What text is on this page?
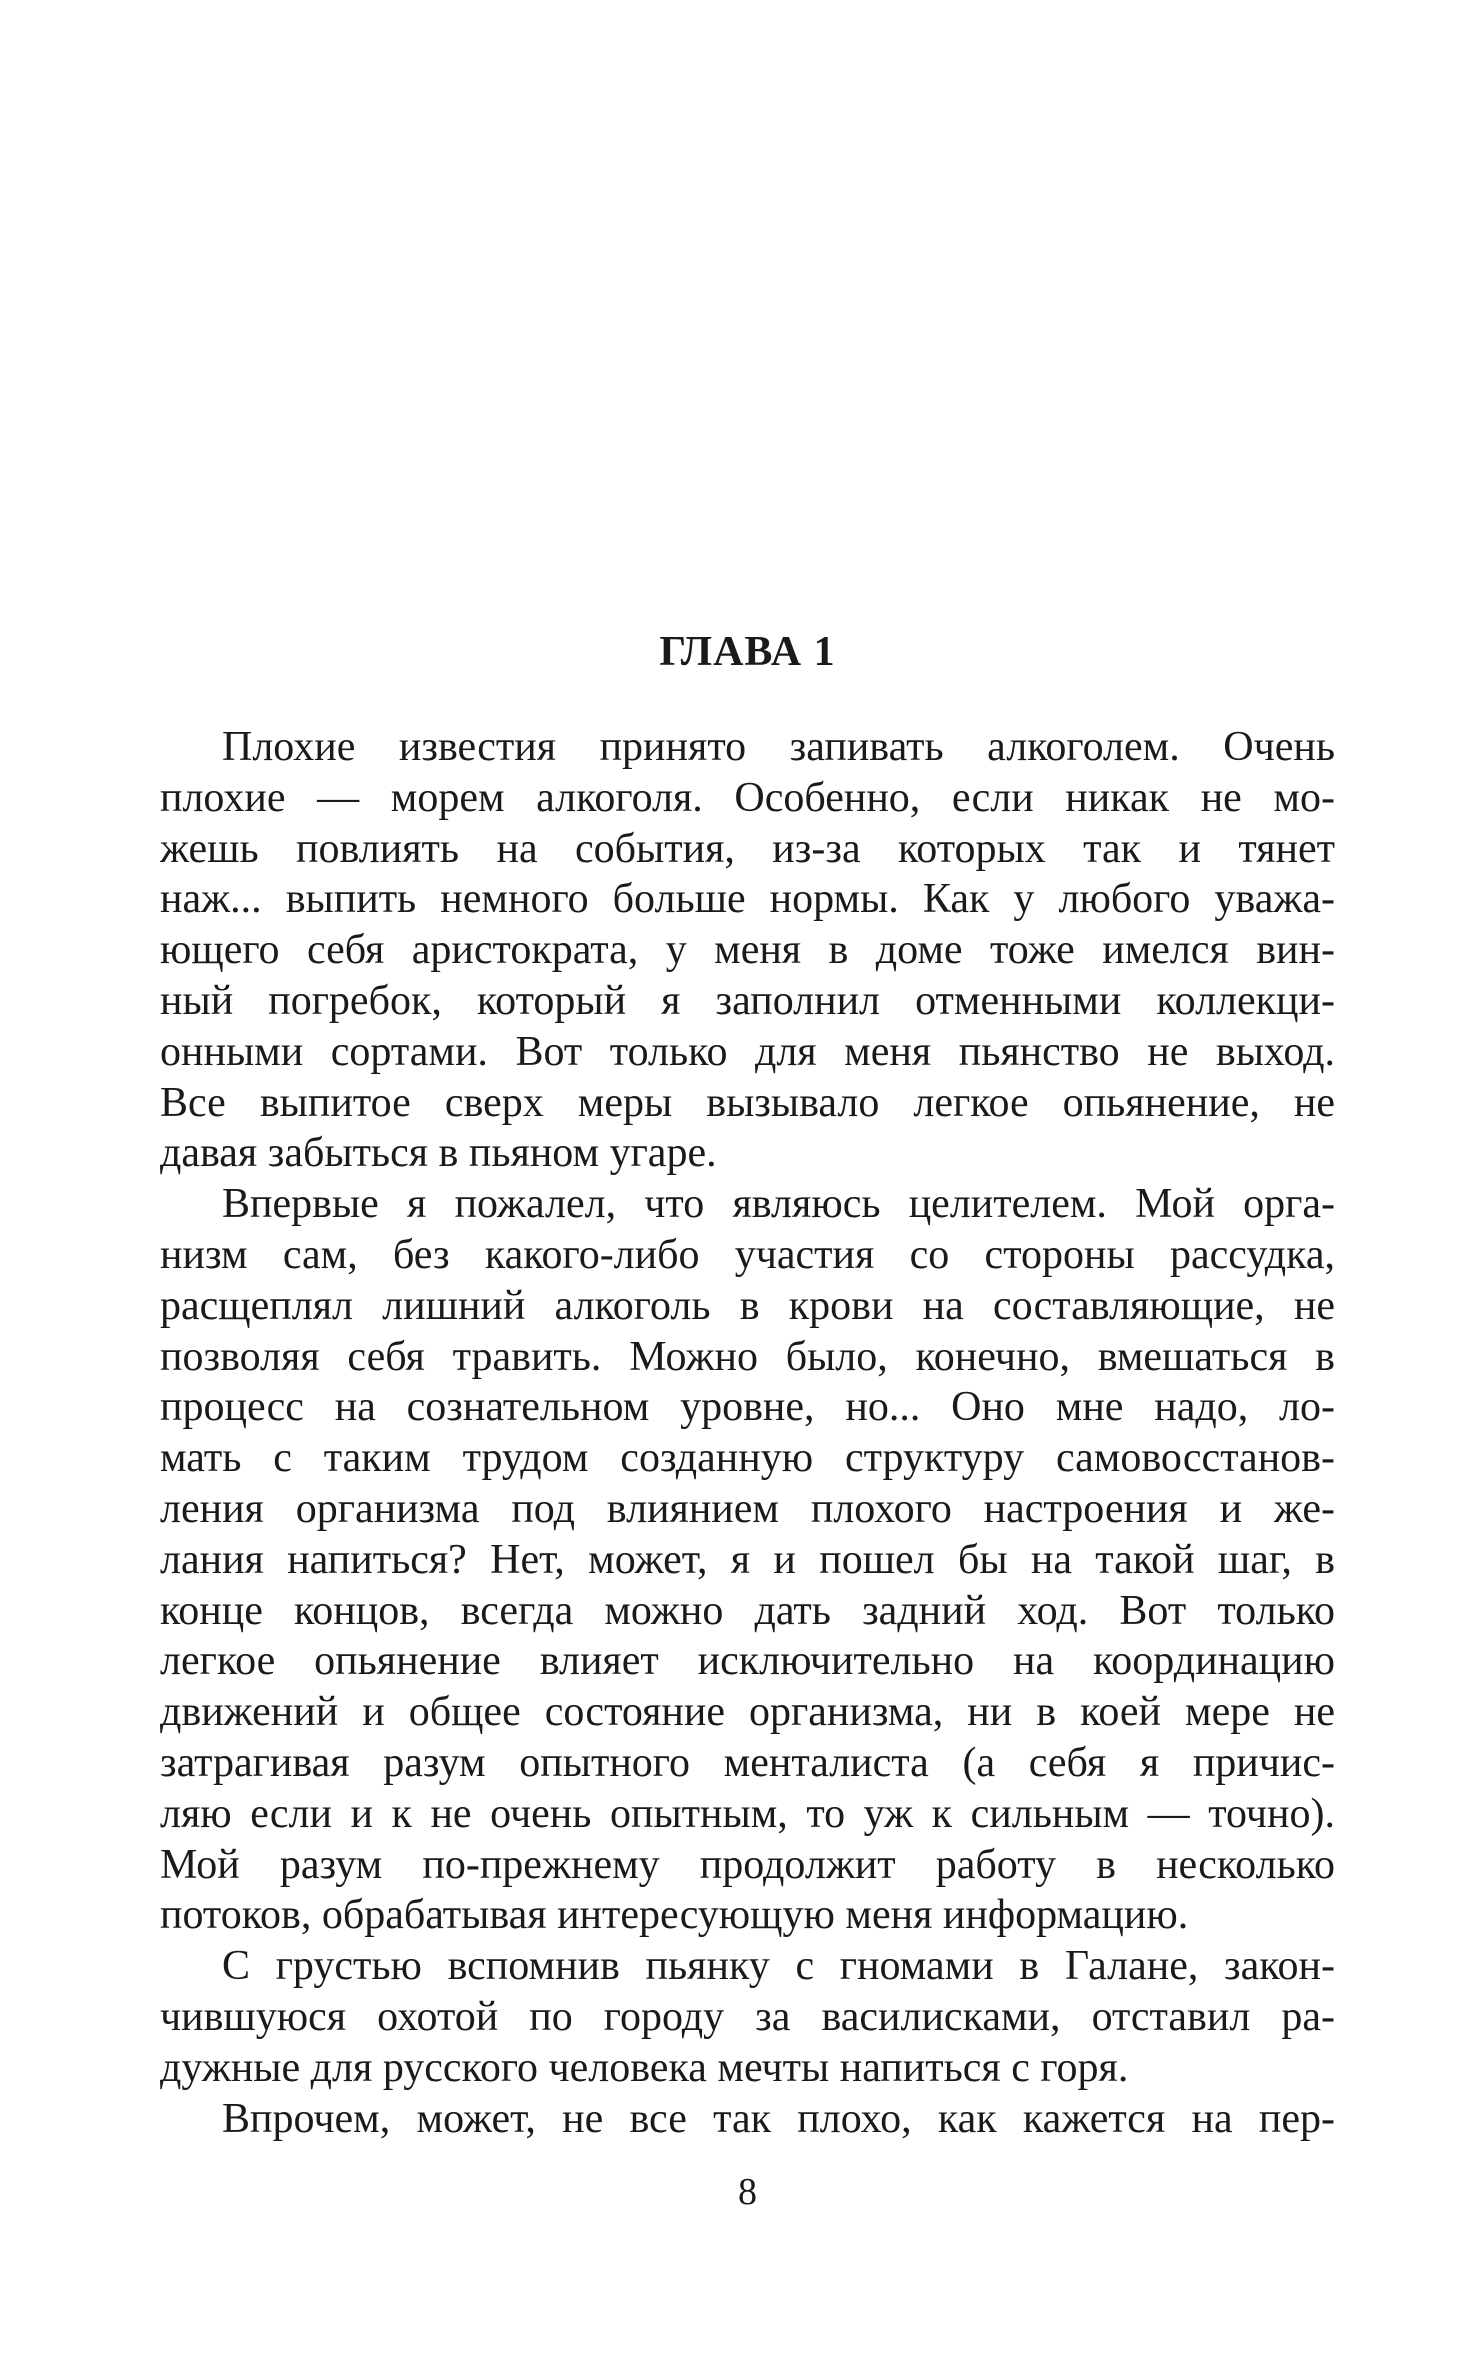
ГЛАВА 1
Плохие известия принято запивать алкоголем. Очень
плохие — морем алкоголя. Особенно, если никак не мо-
жешь повлиять на события, из-за которых так и тянет
наж... выпить немного больше нормы. Как у любого уважа-
ющего себя аристократа, у меня в доме тоже имелся вин-
ный погребок, который я заполнил отменными коллекци-
онными сортами. Вот только для меня пьянство не выход.
Все выпитое сверх меры вызывало легкое опьянение, не
давая забыться в пьяном угаре.
Впервые я пожалел, что являюсь целителем. Мой орга-
низм сам, без какого-либо участия со стороны рассудка,
расщеплял лишний алкоголь в крови на составляющие, не
позволяя себя травить. Можно было, конечно, вмешаться в
процесс на сознательном уровне, но... Оно мне надо, ло-
мать с таким трудом созданную структуру самовосстанов-
ления организма под влиянием плохого настроения и же-
лания напиться? Нет, может, я и пошел бы на такой шаг, в
конце концов, всегда можно дать задний ход. Вот только
легкое опьянение влияет исключительно на координацию
движений и общее состояние организма, ни в коей мере не
затрагивая разум опытного менталиста (а себя я причис-
ляю если и к не очень опытным, то уж к сильным — точно).
Мой разум по-прежнему продолжит работу в несколько
потоков, обрабатывая интересующую меня информацию.
С грустью вспомнив пьянку с гномами в Галане, закон-
чившуюся охотой по городу за василисками, отставил ра-
дужные для русского человека мечты напиться с горя.
Впрочем, может, не все так плохо, как кажется на пер-

8
